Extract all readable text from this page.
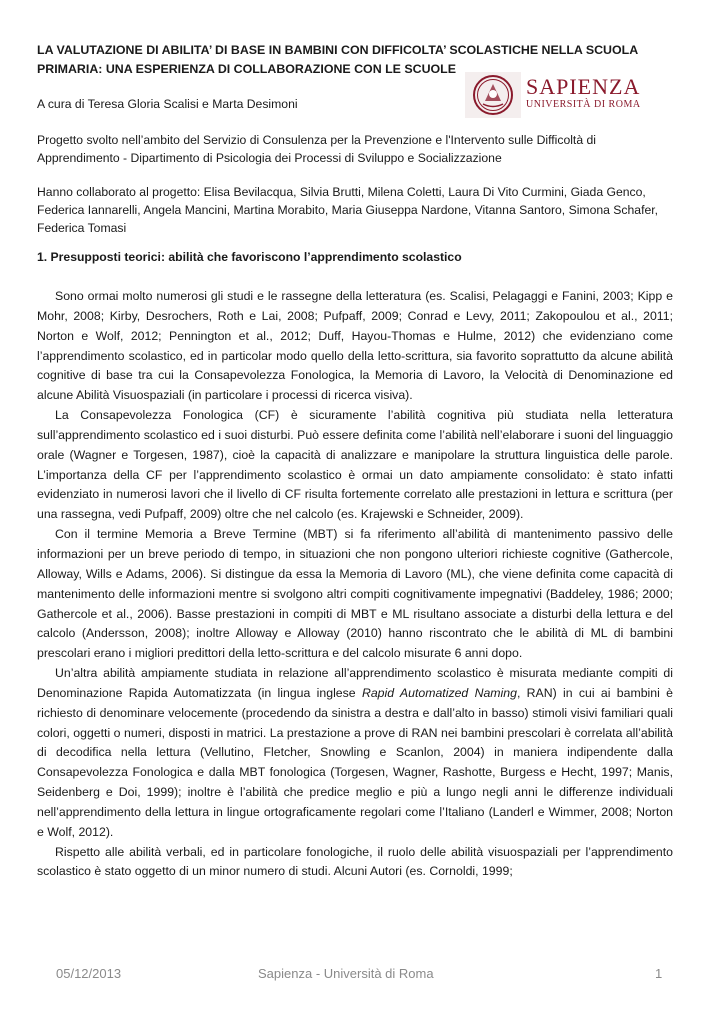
LA VALUTAZIONE DI ABILITA’ DI BASE IN BAMBINI CON DIFFICOLTA’ SCOLASTICHE NELLA SCUOLA PRIMARIA: UNA ESPERIENZA DI COLLABORAZIONE CON LE SCUOLE
SAPIENZA
UNIVERSITÀ DI ROMA

A cura di Teresa Gloria Scalisi e Marta Desimoni

Progetto svolto nell’ambito del Servizio di Consulenza per la Prevenzione e l'Intervento sulle Difficoltà di Apprendimento - Dipartimento di Psicologia dei Processi di Sviluppo e Socializzazione

Hanno collaborato al progetto: Elisa Bevilacqua, Silvia Brutti, Milena Coletti, Laura Di Vito Curmini, Giada Genco, Federica Iannarelli, Angela Mancini, Martina Morabito, Maria Giuseppa Nardone, Vitanna Santoro, Simona Schafer, Federica Tomasi

1. Presupposti teorici: abilità che favoriscono l’apprendimento scolastico

Sono ormai molto numerosi gli studi e le rassegne della letteratura (es. Scalisi, Pelagaggi e Fanini, 2003; Kipp e Mohr, 2008; Kirby, Desrochers, Roth e Lai, 2008; Pufpaff, 2009; Conrad e Levy, 2011; Zakopoulou et al., 2011; Norton e Wolf, 2012; Pennington et al., 2012; Duff, Hayou-Thomas e Hulme, 2012) che evidenziano come l’apprendimento scolastico, ed in particolar modo quello della letto-scrittura, sia favorito soprattutto da alcune abilità cognitive di base tra cui la Consapevolezza Fonologica, la Memoria di Lavoro, la Velocità di Denominazione ed alcune Abilità Visuospaziali (in particolare i processi di ricerca visiva).

La Consapevolezza Fonologica (CF) è sicuramente l’abilità cognitiva più studiata nella letteratura sull’apprendimento scolastico ed i suoi disturbi. Può essere definita come l’abilità nell’elaborare i suoni del linguaggio orale (Wagner e Torgesen, 1987), cioè la capacità di analizzare e manipolare la struttura linguistica delle parole. L’importanza della CF per l’apprendimento scolastico è ormai un dato ampiamente consolidato: è stato infatti evidenziato in numerosi lavori che il livello di CF risulta fortemente correlato alle prestazioni in lettura e scrittura (per una rassegna, vedi Pufpaff, 2009) oltre che nel calcolo (es. Krajewski e Schneider, 2009).

Con il termine Memoria a Breve Termine (MBT) si fa riferimento all’abilità di mantenimento passivo delle informazioni per un breve periodo di tempo, in situazioni che non pongono ulteriori richieste cognitive (Gathercole, Alloway, Wills e Adams, 2006). Si distingue da essa la Memoria di Lavoro (ML), che viene definita come capacità di mantenimento delle informazioni mentre si svolgono altri compiti cognitivamente impegnativi (Baddeley, 1986; 2000; Gathercole et al., 2006). Basse prestazioni in compiti di MBT e ML risultano associate a disturbi della lettura e del calcolo (Andersson, 2008); inoltre Alloway e Alloway (2010) hanno riscontrato che le abilità di ML di bambini prescolari erano i migliori predittori della letto-scrittura e del calcolo misurate 6 anni dopo.

Un’altra abilità ampiamente studiata in relazione all’apprendimento scolastico è misurata mediante compiti di Denominazione Rapida Automatizzata (in lingua inglese Rapid Automatized Naming, RAN) in cui ai bambini è richiesto di denominare velocemente (procedendo da sinistra a destra e dall’alto in basso) stimoli visivi familiari quali colori, oggetti o numeri, disposti in matrici. La prestazione a prove di RAN nei bambini prescolari è correlata all’abilità di decodifica nella lettura (Vellutino, Fletcher, Snowling e Scanlon, 2004) in maniera indipendente dalla Consapevolezza Fonologica e dalla MBT fonologica (Torgesen, Wagner, Rashotte, Burgess e Hecht, 1997; Manis, Seidenberg e Doi, 1999); inoltre è l’abilità che predice meglio e più a lungo negli anni le differenze individuali nell’apprendimento della lettura in lingue ortograficamente regolari come l’Italiano (Landerl e Wimmer, 2008; Norton e Wolf, 2012).

Rispetto alle abilità verbali, ed in particolare fonologiche, il ruolo delle abilità visuospaziali per l’apprendimento scolastico è stato oggetto di un minor numero di studi. Alcuni Autori (es. Cornoldi, 1999;

05/12/2013	Sapienza - Università di Roma	1
